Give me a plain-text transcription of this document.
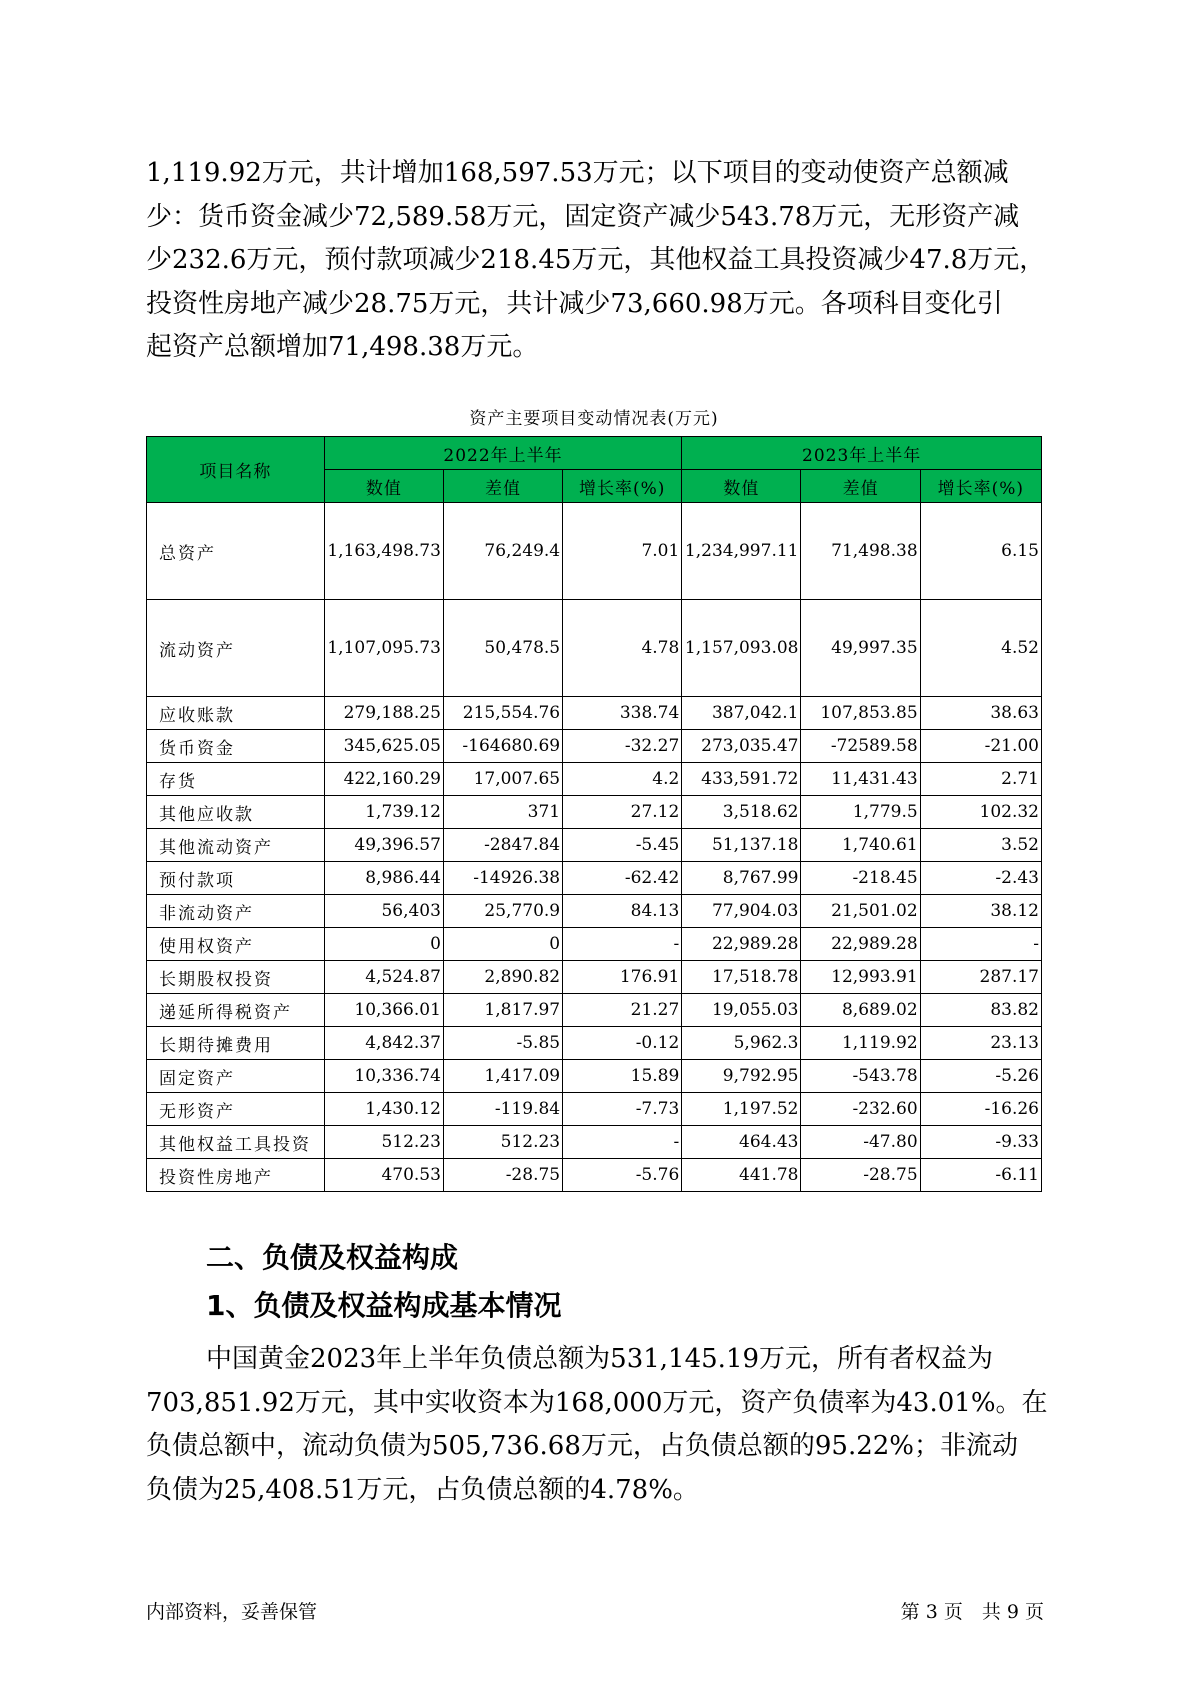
1,119.92万元，共计增加168,597.53万元；以下项目的变动使资产总额减
少：货币资金减少72,589.58万元，固定资产减少543.78万元，无形资产减
少232.6万元，预付款项减少218.45万元，其他权益工具投资减少47.8万元，
投资性房地产减少28.75万元，共计减少73,660.98万元。各项科目变化引
起资产总额增加71,498.38万元。
资产主要项目变动情况表(万元)
项目名称	2022年上半年			2023年上半年		
	数值	差值	增长率(%)	数值	差值	增长率(%)
总资产	1,163,498.73	76,249.4	7.01	1,234,997.11	71,498.38	6.15
流动资产	1,107,095.73	50,478.5	4.78	1,157,093.08	49,997.35	4.52
应收账款	279,188.25	215,554.76	338.74	387,042.1	107,853.85	38.63
货币资金	345,625.05	-164680.69	-32.27	273,035.47	-72589.58	-21.00
存货	422,160.29	17,007.65	4.2	433,591.72	11,431.43	2.71
其他应收款	1,739.12	371	27.12	3,518.62	1,779.5	102.32
其他流动资产	49,396.57	-2847.84	-5.45	51,137.18	1,740.61	3.52
预付款项	8,986.44	-14926.38	-62.42	8,767.99	-218.45	-2.43
非流动资产	56,403	25,770.9	84.13	77,904.03	21,501.02	38.12
使用权资产	0	0	-	22,989.28	22,989.28	-
长期股权投资	4,524.87	2,890.82	176.91	17,518.78	12,993.91	287.17
递延所得税资产	10,366.01	1,817.97	21.27	19,055.03	8,689.02	83.82
长期待摊费用	4,842.37	-5.85	-0.12	5,962.3	1,119.92	23.13
固定资产	10,336.74	1,417.09	15.89	9,792.95	-543.78	-5.26
无形资产	1,430.12	-119.84	-7.73	1,197.52	-232.60	-16.26
其他权益工具投资	512.23	512.23	-	464.43	-47.80	-9.33
投资性房地产	470.53	-28.75	-5.76	441.78	-28.75	-6.11
二、负债及权益构成
1、负债及权益构成基本情况
中国黄金2023年上半年负债总额为531,145.19万元，所有者权益为
703,851.92万元，其中实收资本为168,000万元，资产负债率为43.01%。在
负债总额中，流动负债为505,736.68万元，占负债总额的95.22%；非流动
负债为25,408.51万元，占负债总额的4.78%。
内部资料，妥善保管	第 3 页　共 9 页
